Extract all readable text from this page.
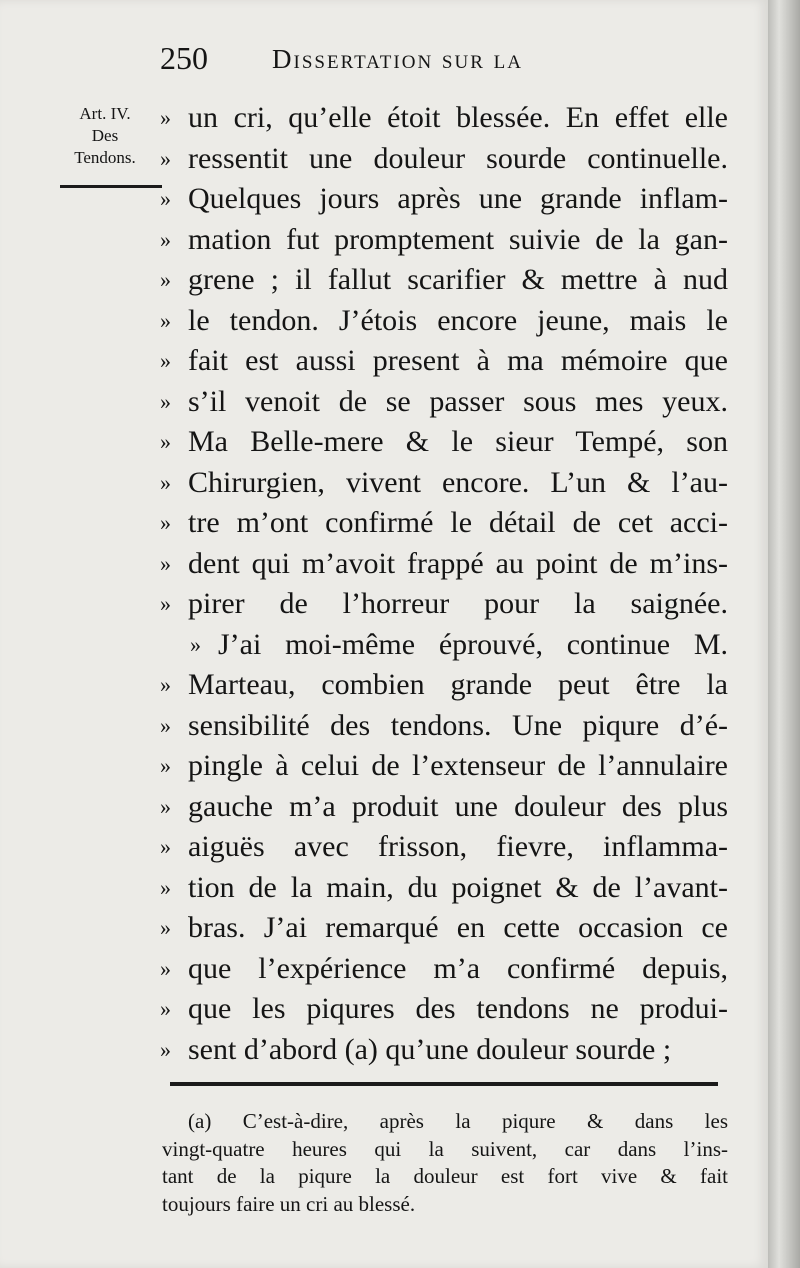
250 Dissertation sur la
Art. IV.
Des
Tendons.
» un cri, qu’elle étoit blessée. En effet elle
» ressentit une douleur sourde continuelle.
» Quelques jours après une grande inflam-
» mation fut promptement suivie de la gan-
» grene ; il fallut scarifier & mettre à nud
» le tendon. J’étois encore jeune, mais le
» fait est aussi present à ma mémoire que
» s’il venoit de se passer sous mes yeux.
» Ma Belle-mere & le sieur Tempé, son
» Chirurgien, vivent encore. L’un & l’au-
» tre m’ont confirmé le détail de cet acci-
» dent qui m’avoit frappé au point de m’ins-
» pirer de l’horreur pour la saignée.
» J’ai moi-même éprouvé, continue M.
» Marteau, combien grande peut être la
» sensibilité des tendons. Une piqure d’é-
» pingle à celui de l’extenseur de l’annulaire
» gauche m’a produit une douleur des plus
» aiguës avec frisson, fievre, inflamma-
» tion de la main, du poignet & de l’avant-
» bras. J’ai remarqué en cette occasion ce
» que l’expérience m’a confirmé depuis,
» que les piqures des tendons ne produi-
» sent d’abord (a) qu’une douleur sourde ;
(a) C’est-à-dire, après la piqure & dans les
vingt-quatre heures qui la suivent, car dans l’ins-
tant de la piqure la douleur est fort vive & fait
toujours faire un cri au blessé.
